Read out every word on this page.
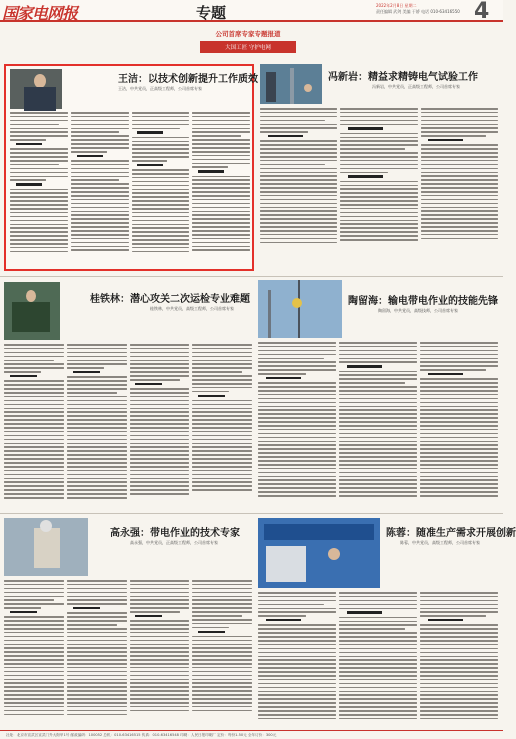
国家电网报	专题	2022年2月8日 星期二
责任编辑 武剑 美编 于娇 电话 010-63416550 4
公司首席专家专题报道
大国工匠 守护电网
王洁：以技术创新提升工作质效
王洁，中共党员，正高级工程师，公司首席专家
冯新岩：精益求精铸电气试验工作
冯新岩，中共党员，正高级工程师，公司首席专家
桂铁林：潜心攻关二次运检专业难题
桂铁林，中共党员，高级工程师，公司首席专家
陶留海：输电带电作业的技能先锋
陶留海，中共党员，高级技师，公司首席专家
高永强：带电作业的技术专家
高永强，中共党员，正高级工程师，公司首席专家
陈蓉：随准生产需求开展创新
陈蓉，中共党员，高级工程师，公司首席专家
社址：北京市宣武区宣武门外大街甲1号 邮政编码：100052 总机：010-63416515 传真：010-63416548 印刷：人民日报印刷厂 定价：每份1.50元 全年订价：300元
